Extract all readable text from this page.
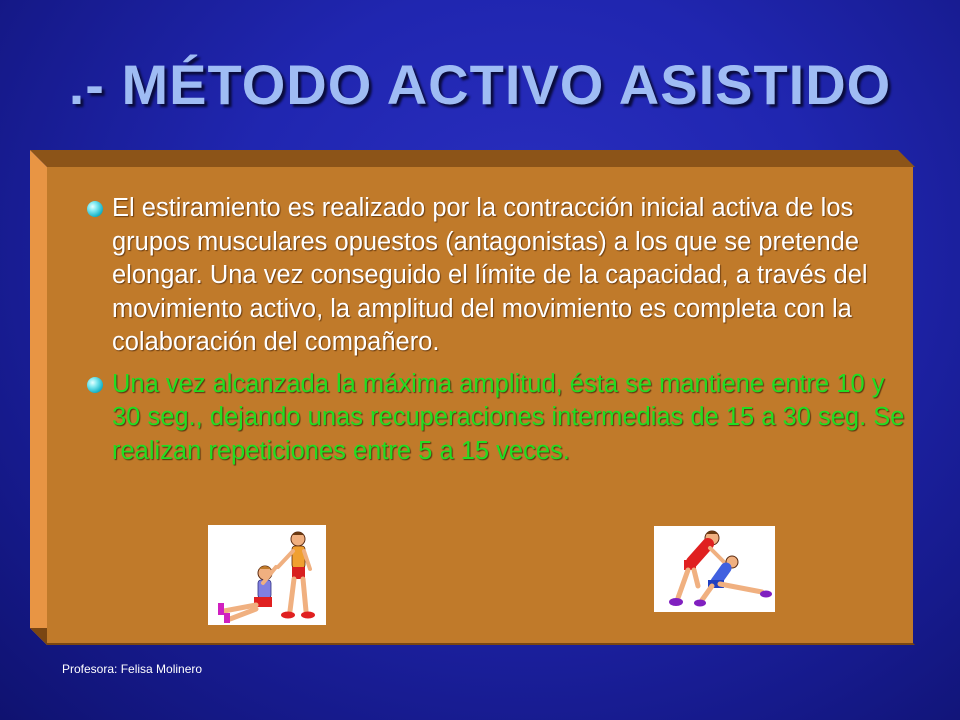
.- MÉTODO ACTIVO ASISTIDO
El estiramiento es realizado por la contracción inicial activa de los grupos musculares opuestos (antagonistas) a los que se pretende elongar. Una vez conseguido el límite de la capacidad, a través del movimiento activo, la amplitud del movimiento es completa con la colaboración del compañero.
Una vez alcanzada la máxima amplitud, ésta se mantiene entre 10 y 30 seg., dejando unas recuperaciones intermedias de 15 a 30 seg. Se realizan repeticiones entre 5 a 15 veces.
Profesora: Felisa Molinero
